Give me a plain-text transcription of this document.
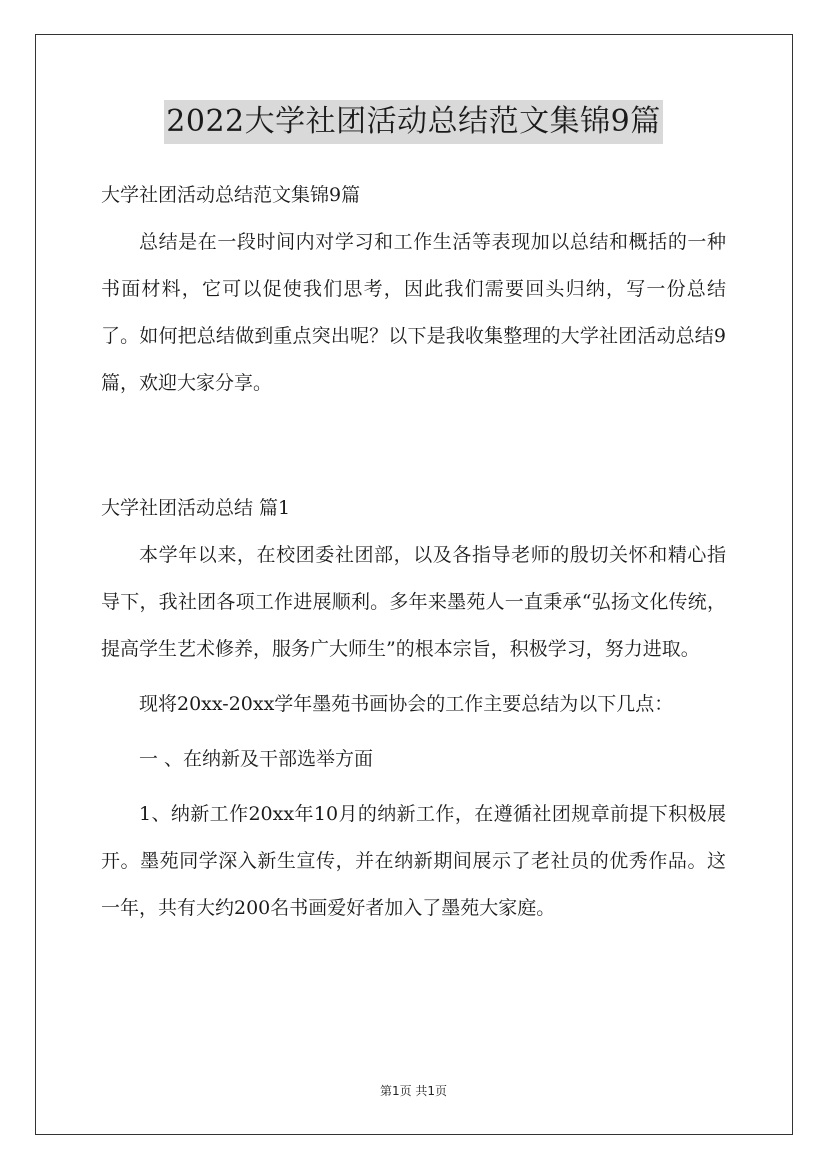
2022大学社团活动总结范文集锦9篇
大学社团活动总结范文集锦9篇

总结是在一段时间内对学习和工作生活等表现加以总结和概括的一种书面材料，它可以促使我们思考，因此我们需要回头归纳，写一份总结了。如何把总结做到重点突出呢？以下是我收集整理的大学社团活动总结9篇，欢迎大家分享。

大学社团活动总结 篇1

本学年以来，在校团委社团部，以及各指导老师的殷切关怀和精心指导下，我社团各项工作进展顺利。多年来墨苑人一直秉承“弘扬文化传统，提高学生艺术修养，服务广大师生”的根本宗旨，积极学习，努力进取。

现将20xx-20xx学年墨苑书画协会的工作主要总结为以下几点：

一 、在纳新及干部选举方面

1、纳新工作20xx年10月的纳新工作，在遵循社团规章前提下积极展开。墨苑同学深入新生宣传，并在纳新期间展示了老社员的优秀作品。这一年，共有大约200名书画爱好者加入了墨苑大家庭。

第1页 共1页
